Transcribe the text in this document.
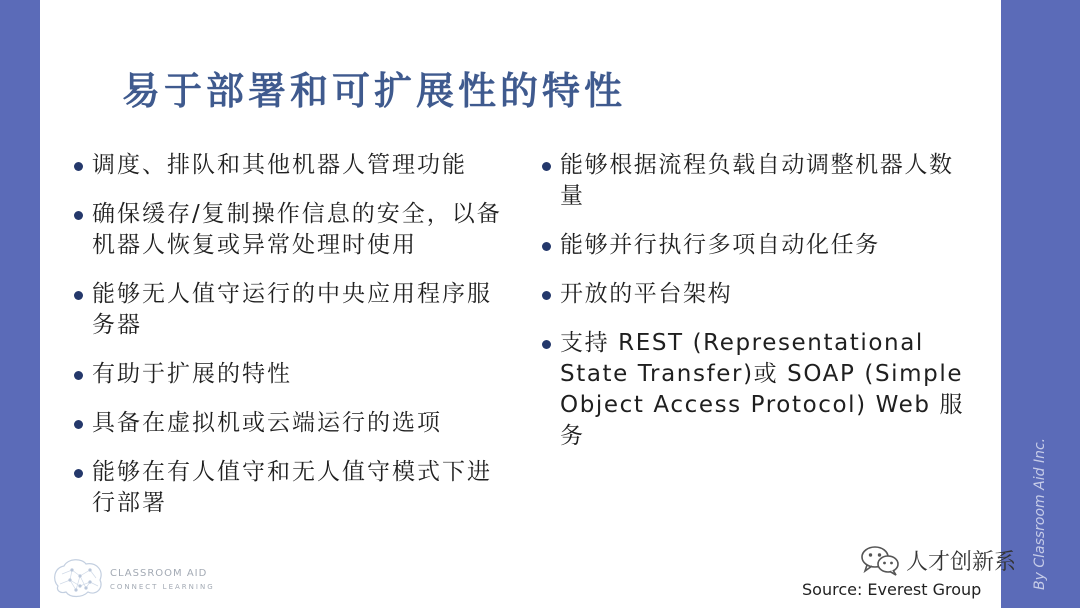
易于部署和可扩展性的特性
调度、排队和其他机器人管理功能
确保缓存/复制操作信息的安全，以备机器人恢复或异常处理时使用
能够无人值守运行的中央应用程序服务器
有助于扩展的特性
具备在虚拟机或云端运行的选项
能够在有人值守和无人值守模式下进行部署
能够根据流程负载自动调整机器人数量
能够并行执行多项自动化任务
开放的平台架构
支持 REST (Representational State Transfer)或 SOAP (Simple Object Access Protocol) Web 服务
CLASSROOM AID
CONNECT LEARNING	Source: Everest Group	By Classroom Aid Inc.
人才创新系
